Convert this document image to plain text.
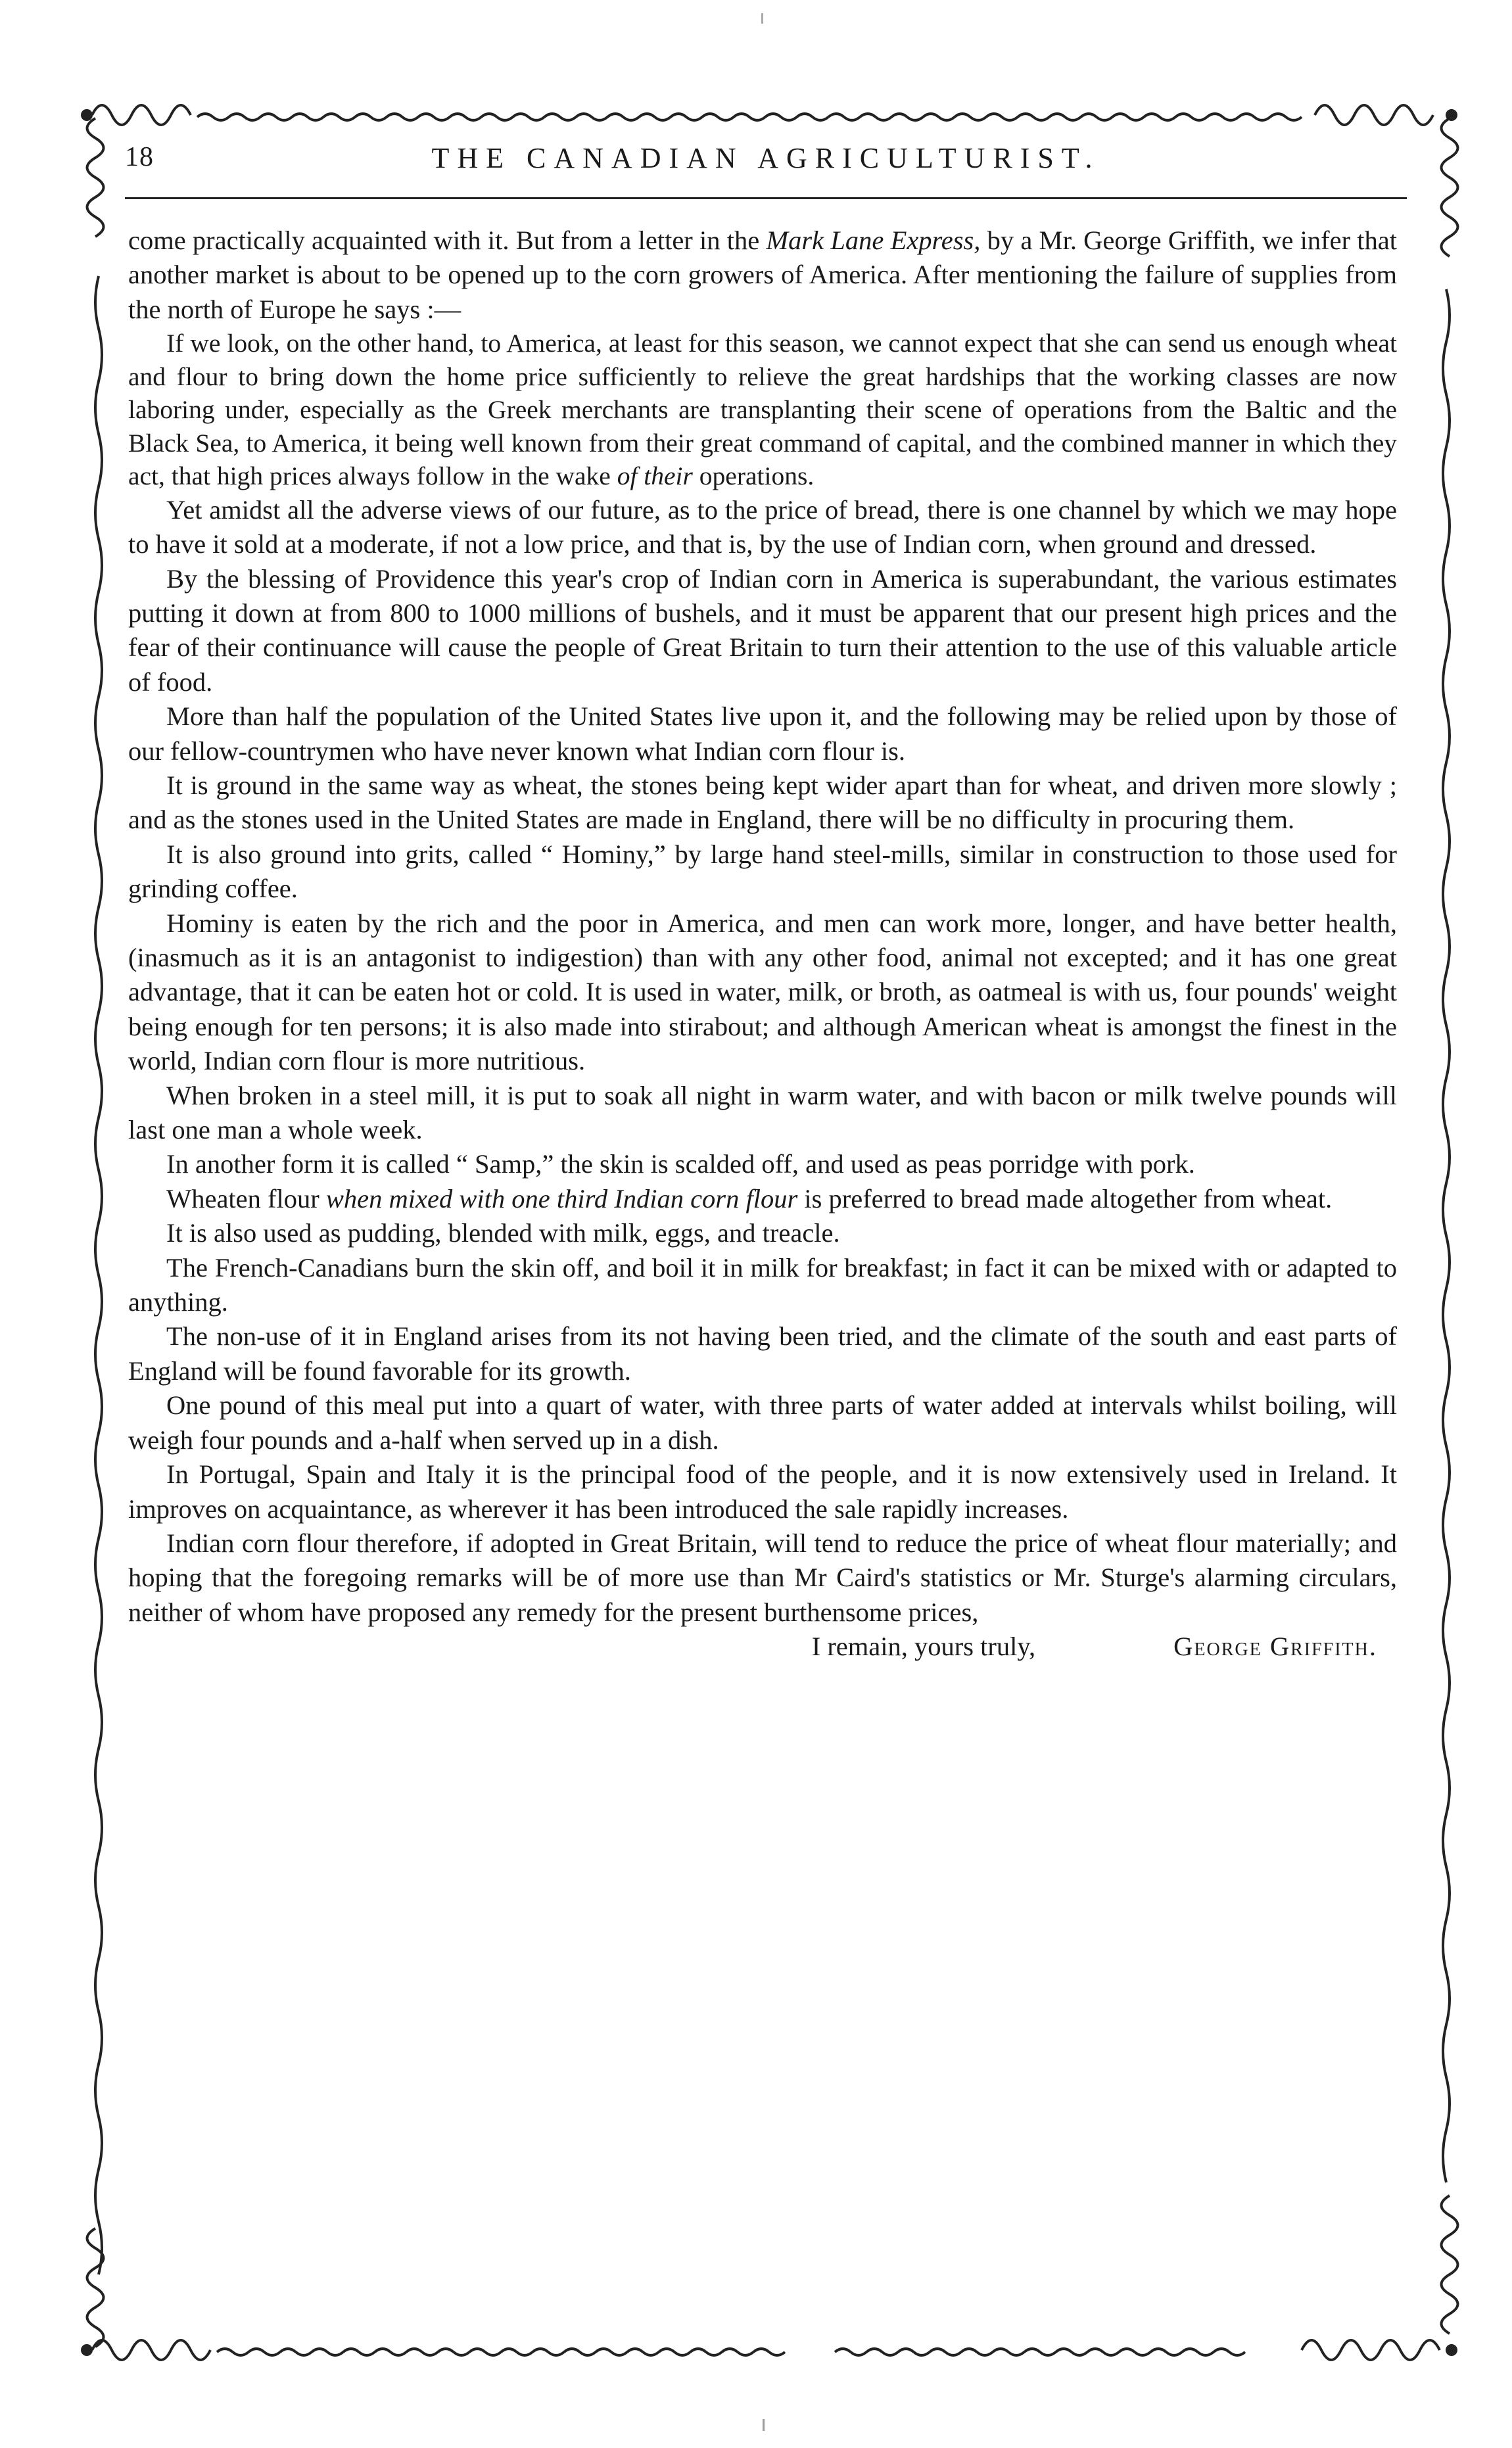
18	THE CANADIAN AGRICULTURIST.

come practically acquainted with it. But from a letter in the Mark Lane Express, by a Mr. George Griffith, we infer that another market is about to be opened up to the corn growers of America. After mentioning the failure of supplies from the north of Europe he says :—

If we look, on the other hand, to America, at least for this season, we cannot expect that she can send us enough wheat and flour to bring down the home price sufficiently to relieve the great hardships that the working classes are now laboring under, especially as the Greek merchants are transplanting their scene of operations from the Baltic and the Black Sea, to America, it being well known from their great command of capital, and the combined manner in which they act, that high prices always follow in the wake of their operations.

Yet amidst all the adverse views of our future, as to the price of bread, there is one channel by which we may hope to have it sold at a moderate, if not a low price, and that is, by the use of Indian corn, when ground and dressed.

By the blessing of Providence this year's crop of Indian corn in America is superabundant, the various estimates putting it down at from 800 to 1000 millions of bushels, and it must be apparent that our present high prices and the fear of their continuance will cause the people of Great Britain to turn their attention to the use of this valuable article of food.

More than half the population of the United States live upon it, and the following may be relied upon by those of our fellow-countrymen who have never known what Indian corn flour is.

It is ground in the same way as wheat, the stones being kept wider apart than for wheat, and driven more slowly ; and as the stones used in the United States are made in England, there will be no difficulty in procuring them.

It is also ground into grits, called “ Hominy,” by large hand steel-mills, similar in construction to those used for grinding coffee.

Hominy is eaten by the rich and the poor in America, and men can work more, longer, and have better health, (inasmuch as it is an antagonist to indigestion) than with any other food, animal not excepted; and it has one great advantage, that it can be eaten hot or cold. It is used in water, milk, or broth, as oatmeal is with us, four pounds' weight being enough for ten persons; it is also made into stirabout; and although American wheat is amongst the finest in the world, Indian corn flour is more nutritious.

When broken in a steel mill, it is put to soak all night in warm water, and with bacon or milk twelve pounds will last one man a whole week.

In another form it is called “ Samp,” the skin is scalded off, and used as peas porridge with pork.

Wheaten flour when mixed with one third Indian corn flour is preferred to bread made altogether from wheat.

It is also used as pudding, blended with milk, eggs, and treacle.

The French-Canadians burn the skin off, and boil it in milk for breakfast; in fact it can be mixed with or adapted to anything.

The non-use of it in England arises from its not having been tried, and the climate of the south and east parts of England will be found favorable for its growth.

One pound of this meal put into a quart of water, with three parts of water added at intervals whilst boiling, will weigh four pounds and a-half when served up in a dish.

In Portugal, Spain and Italy it is the principal food of the people, and it is now extensively used in Ireland. It improves on acquaintance, as wherever it has been introduced the sale rapidly increases.

Indian corn flour therefore, if adopted in Great Britain, will tend to reduce the price of wheat flour materially; and hoping that the foregoing remarks will be of more use than Mr Caird's statistics or Mr. Sturge's alarming circulars, neither of whom have proposed any remedy for the present burthensome prices,

I remain, yours truly,	George Griffith.
